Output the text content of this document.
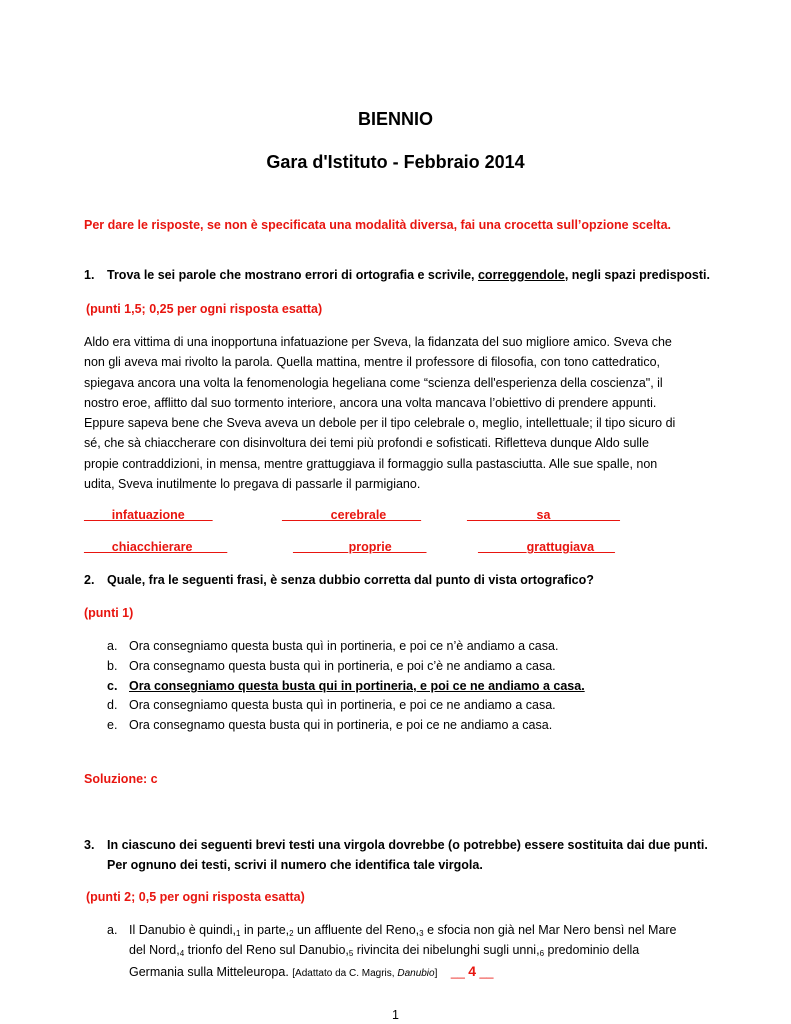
BIENNIO
Gara d'Istituto - Febbraio 2014
Per dare le risposte, se non è specificata una modalità diversa, fai una crocetta sull’opzione scelta.
1. Trova le sei parole che mostrano errori di ortografia e scrivile, correggendole, negli spazi predisposti.
(punti 1,5; 0,25 per ogni risposta esatta)
Aldo era vittima di una inopportuna infatuazione per Sveva, la fidanzata del suo migliore amico. Sveva che
non gli aveva mai rivolto la parola. Quella mattina, mentre il professore di filosofia, con tono cattedratico,
spiegava ancora una volta la fenomenologia hegeliana come “scienza dell'esperienza della coscienza", il
nostro eroe, afflitto dal suo tormento interiore, ancora una volta mancava l’obiettivo di prendere appunti.
Eppure sapeva bene che Sveva aveva un debole per il tipo celebrale o, meglio, intellettuale; il tipo sicuro di
sé, che sà chiaccherare con disinvoltura dei temi più profondi e sofisticati. Rifletteva dunque Aldo sulle
propie contraddizioni, in mensa, mentre grattuggiava il formaggio sulla pastasciutta. Alle sue spalle, non
udita, Sveva inutilmente lo pregava di passarle il parmigiano.
____infatuazione____	_______cerebrale_____	__________sa__________
____chiacchierare_____	________proprie_____	_______grattugiava___
2. Quale, fra le seguenti frasi, è senza dubbio corretta dal punto di vista ortografico?
(punti 1)
a. Ora consegniamo questa busta quì in portineria, e poi ce n’è andiamo a casa.
b. Ora consegnamo questa busta quì in portineria, e poi c’è ne andiamo a casa.
c. Ora consegniamo questa busta qui in portineria, e poi ce ne andiamo a casa.
d. Ora consegniamo questa busta quì in portineria, e poi ce ne andiamo a casa.
e. Ora consegnamo questa busta qui in portineria, e poi ce ne andiamo a casa.
Soluzione: c
3. In ciascuno dei seguenti brevi testi una virgola dovrebbe (o potrebbe) essere sostituita dai due punti.
Per ognuno dei testi, scrivi il numero che identifica tale virgola.
(punti 2; 0,5 per ogni risposta esatta)
a. Il Danubio è $quindi,_1$ in $parte,_2$ un affluente del $Reno,_3$ e sfocia non già nel Mar Nero bensì nel Mare
del $Nord,_4$ trionfo del Reno sul $Danubio,_5$ rivincita dei nibelunghi sugli $unni,_6$ predominio della
Germania sulla Mitteleuropa. [Adattato da C. Magris, Danubio] __ 4 __
1
